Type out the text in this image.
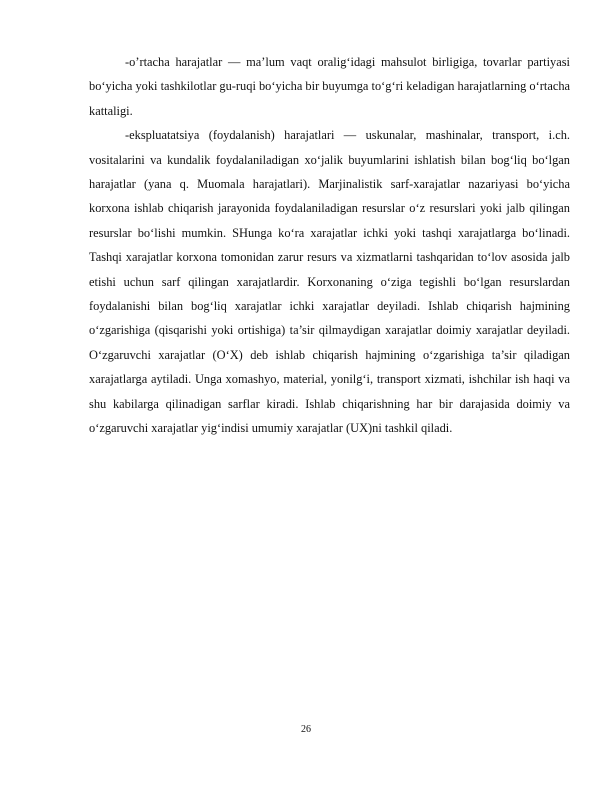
-o’rtacha harajatlar — ma’lum vaqt oralig‘idagi mahsulot birligiga, tovarlar partiyasi bo‘yicha yoki tashkilotlar gu-ruqi bo‘yicha bir buyumga to‘g‘ri keladigan harajatlarning o‘rtacha kattaligi.

-ekspluatatsiya (foydalanish) harajatlari — uskunalar, mashinalar, transport, i.ch. vositalarini va kundalik foydalaniladigan xo‘jalik buyumlarini ishlatish bilan bog‘liq bo‘lgan harajatlar (yana q. Muomala harajatlari). Marjinalistik sarf-xarajatlar nazariyasi bo‘yicha korxona ishlab chiqarish jarayonida foydalaniladigan resurslar o‘z resurslari yoki jalb qilingan resurslar bo‘lishi mumkin. SHunga ko‘ra xarajatlar ichki yoki tashqi xarajatlarga bo‘linadi. Tashqi xarajatlar korxona tomonidan zarur resurs va xizmatlarni tashqaridan to‘lov asosida jalb etishi uchun sarf qilingan xarajatlardir. Korxonaning o‘ziga tegishli bo‘lgan resurslardan foydalanishi bilan bog‘liq xarajatlar ichki xarajatlar deyiladi. Ishlab chiqarish hajmining o‘zgarishiga (qisqarishi yoki ortishiga) ta’sir qilmaydigan xarajatlar doimiy xarajatlar deyiladi. O‘zgaruvchi xarajatlar (O‘X) deb ishlab chiqarish hajmining o‘zgarishiga ta’sir qiladigan xarajatlarga aytiladi. Unga xomashyo, material, yonilg‘i, transport xizmati, ishchilar ish haqi va shu kabilarga qilinadigan sarflar kiradi. Ishlab chiqarishning har bir darajasida doimiy va o‘zgaruvchi xarajatlar yig‘indisi umumiy xarajatlar (UX)ni tashkil qiladi.

26
